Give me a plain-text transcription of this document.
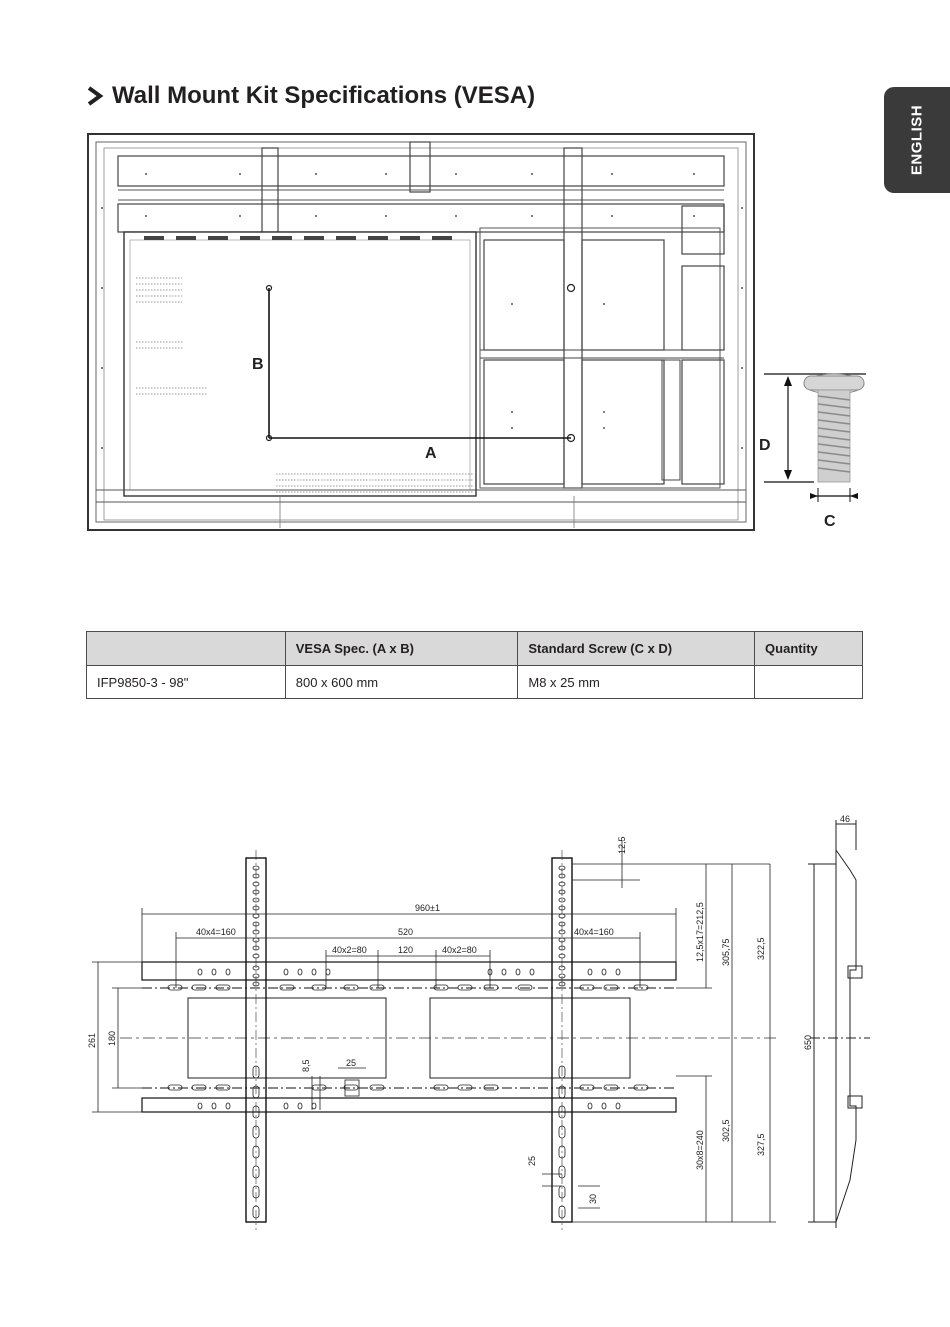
ENGLISH
Wall Mount Kit Specifications (VESA)
B
A	D
C
	VESA Spec. (A x B)	Standard Screw (C x D)	Quantity
IFP9850-3 - 98"	800 x 600 mm	M8 x 25 mm	
960±1
40x4=160	520	40x4=160
40x2=80	120	40x2=80
25
12,5
12,5x17=212,5 305,75	322,5
261 180
8,5
30x8=240 302,5
327,5
25
30
650
46
